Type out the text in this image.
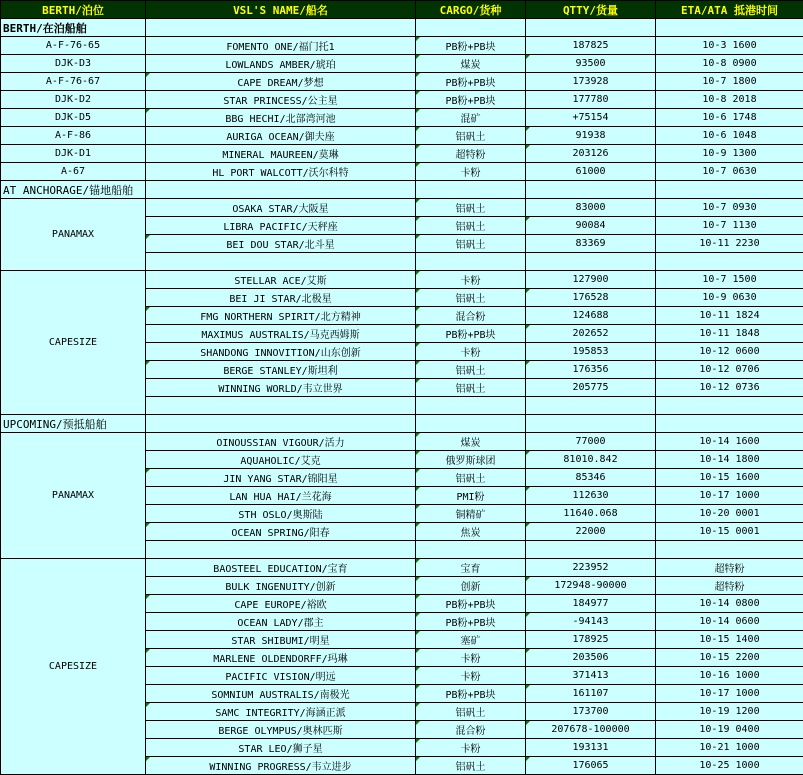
BERTH/泊位	VSL'S NAME/船名	CARGO/货种	QTTY/货量	ETA/ATA 抵港时间
BERTH/在泊船舶				
A-F-76-65	FOMENTO ONE/福门托1	PB粉+PB块	187825	10-3 1600
DJK-D3	LOWLANDS AMBER/琥珀	煤炭	93500	10-8 0900
A-F-76-67	CAPE DREAM/梦想	PB粉+PB块	173928	10-7 1800
DJK-D2	STAR PRINCESS/公主星	PB粉+PB块	177780	10-8 2018
DJK-D5	BBG HECHI/北部湾河池	混矿	+75154	10-6 1748
A-F-86	AURIGA OCEAN/御夫座	铝矾土	91938	10-6 1048
DJK-D1	MINERAL MAUREEN/莫琳	超特粉	203126	10-9 1300
A-67	HL PORT WALCOTT/沃尔科特	卡粉	61000	10-7 0630
AT ANCHORAGE/锚地船舶				
PANAMAX	OSAKA STAR/大阪星	铝矾土	83000	10-7 0930
	LIBRA PACIFIC/天秤座	铝矾土	90084	10-7 1130
	BEI DOU STAR/北斗星	铝矾土	83369	10-11 2230

CAPESIZE	STELLAR ACE/艾斯	卡粉	127900	10-7 1500
	BEI JI STAR/北极星	铝矾土	176528	10-9 0630
	FMG NORTHERN SPIRIT/北方精神	混合粉	124688	10-11 1824
	MAXIMUS AUSTRALIS/马克西姆斯	PB粉+PB块	202652	10-11 1848
	SHANDONG INNOVITION/山东创新	卡粉	195853	10-12 0600
	BERGE STANLEY/斯坦利	铝矾土	176356	10-12 0706
	WINNING WORLD/韦立世界	铝矾土	205775	10-12 0736

UPCOMING/预抵船舶				
PANAMAX	OINOUSSIAN VIGOUR/活力	煤炭	77000	10-14 1600
	AQUAHOLIC/艾克	俄罗斯球团	81010.842	10-14 1800
	JIN YANG STAR/锦阳星	铝矾土	85346	10-15 1600
	LAN HUA HAI/兰花海	PMI粉	112630	10-17 1000
	STH OSLO/奥斯陆	铜精矿	11640.068	10-20 0001
	OCEAN SPRING/阳春	焦炭	22000	10-15 0001

CAPESIZE	BAOSTEEL EDUCATION/宝育	宝育	223952	超特粉
	BULK INGENUITY/创新	创新	172948-90000	超特粉
	CAPE EUROPE/裕欧	PB粉+PB块	184977	10-14 0800
	OCEAN LADY/郡主	PB粉+PB块	-94143	10-14 0600
	STAR SHIBUMI/明星	塞矿	178925	10-15 1400
	MARLENE OLDENDORFF/玛琳	卡粉	203506	10-15 2200
	PACIFIC VISION/明远	卡粉	371413	10-16 1000
	SOMNIUM AUSTRALIS/南极光	PB粉+PB块	161107	10-17 1000
	SAMC INTEGRITY/海涵正派	铝矾土	173700	10-19 1200
	BERGE OLYMPUS/奥林匹斯	混合粉	207678-100000	10-19 0400
	STAR LEO/狮子星	卡粉	193131	10-21 1000
	WINNING PROGRESS/韦立进步	铝矾土	176065	10-25 1000
